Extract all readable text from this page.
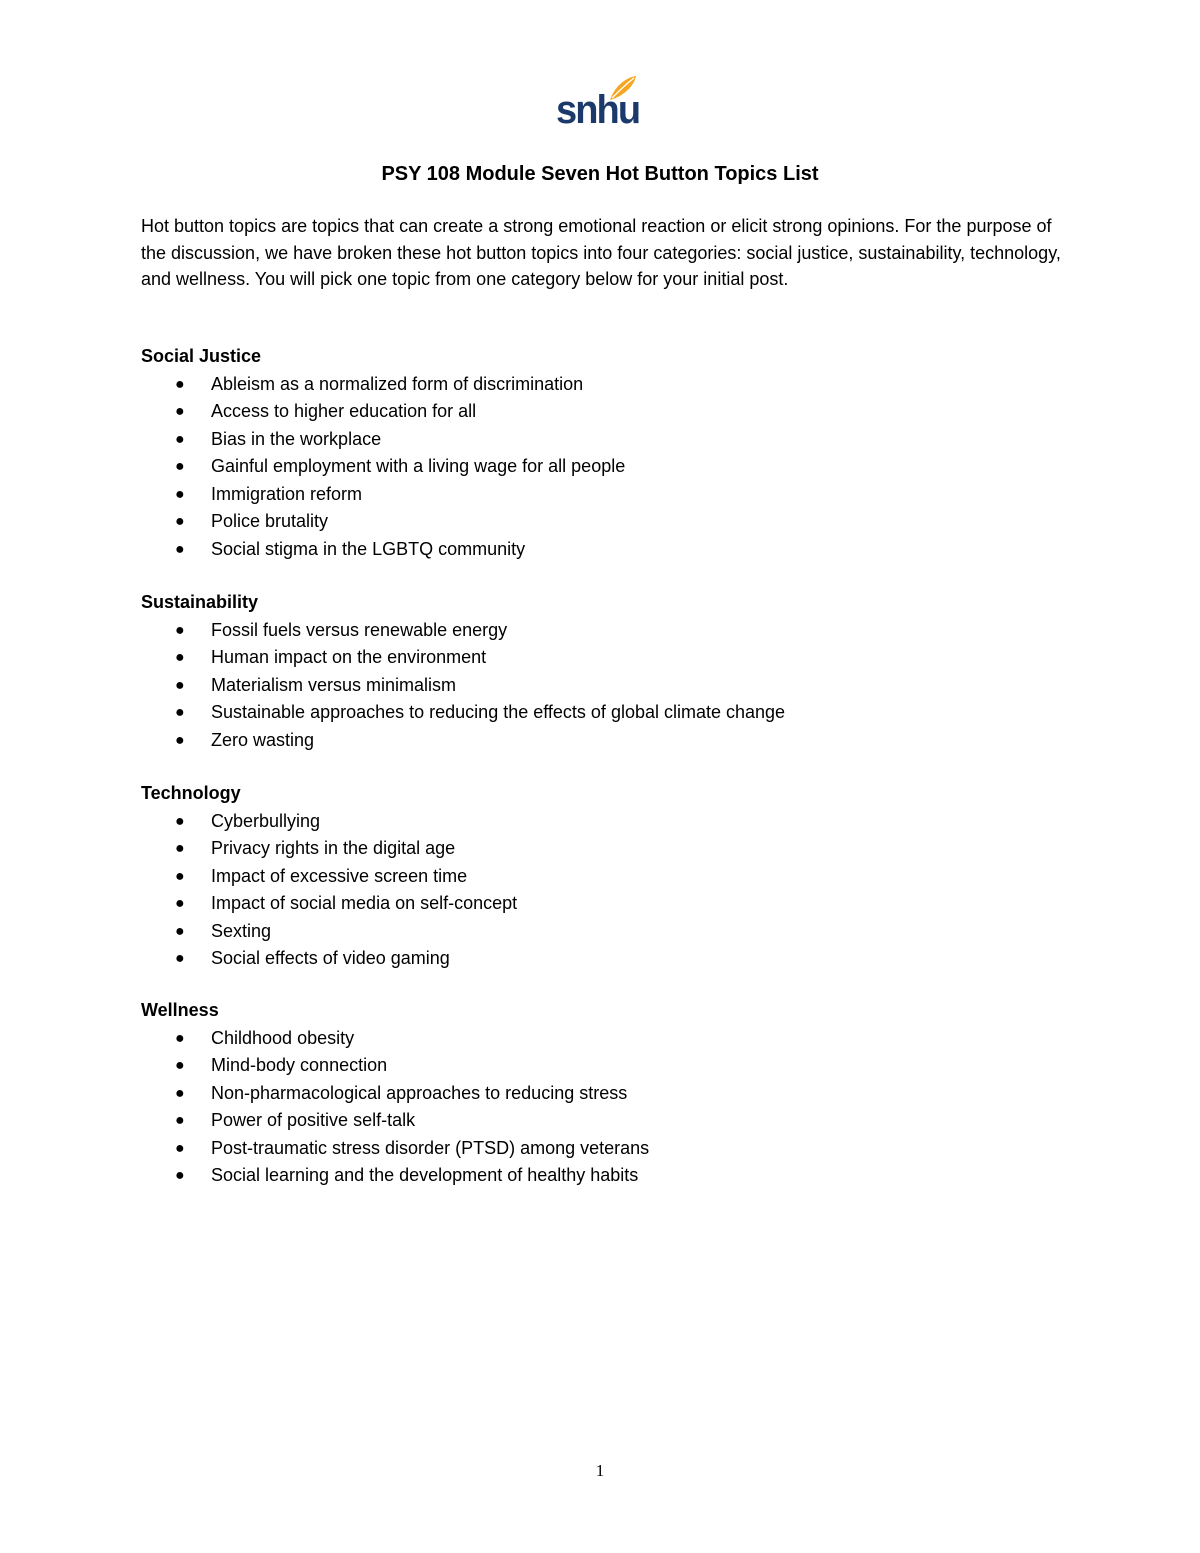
snhu
PSY 108 Module Seven Hot Button Topics List

Hot button topics are topics that can create a strong emotional reaction or elicit strong opinions. For the purpose of the discussion, we have broken these hot button topics into four categories: social justice, sustainability, technology, and wellness. You will pick one topic from one category below for your initial post.

Social Justice
● Ableism as a normalized form of discrimination
● Access to higher education for all
● Bias in the workplace
● Gainful employment with a living wage for all people
● Immigration reform
● Police brutality
● Social stigma in the LGBTQ community
Sustainability
● Fossil fuels versus renewable energy
● Human impact on the environment
● Materialism versus minimalism
● Sustainable approaches to reducing the effects of global climate change
● Zero wasting
Technology
● Cyberbullying
● Privacy rights in the digital age
● Impact of excessive screen time
● Impact of social media on self-concept
● Sexting
● Social effects of video gaming
Wellness
● Childhood obesity
● Mind-body connection
● Non-pharmacological approaches to reducing stress
● Power of positive self-talk
● Post-traumatic stress disorder (PTSD) among veterans
● Social learning and the development of healthy habits
1
